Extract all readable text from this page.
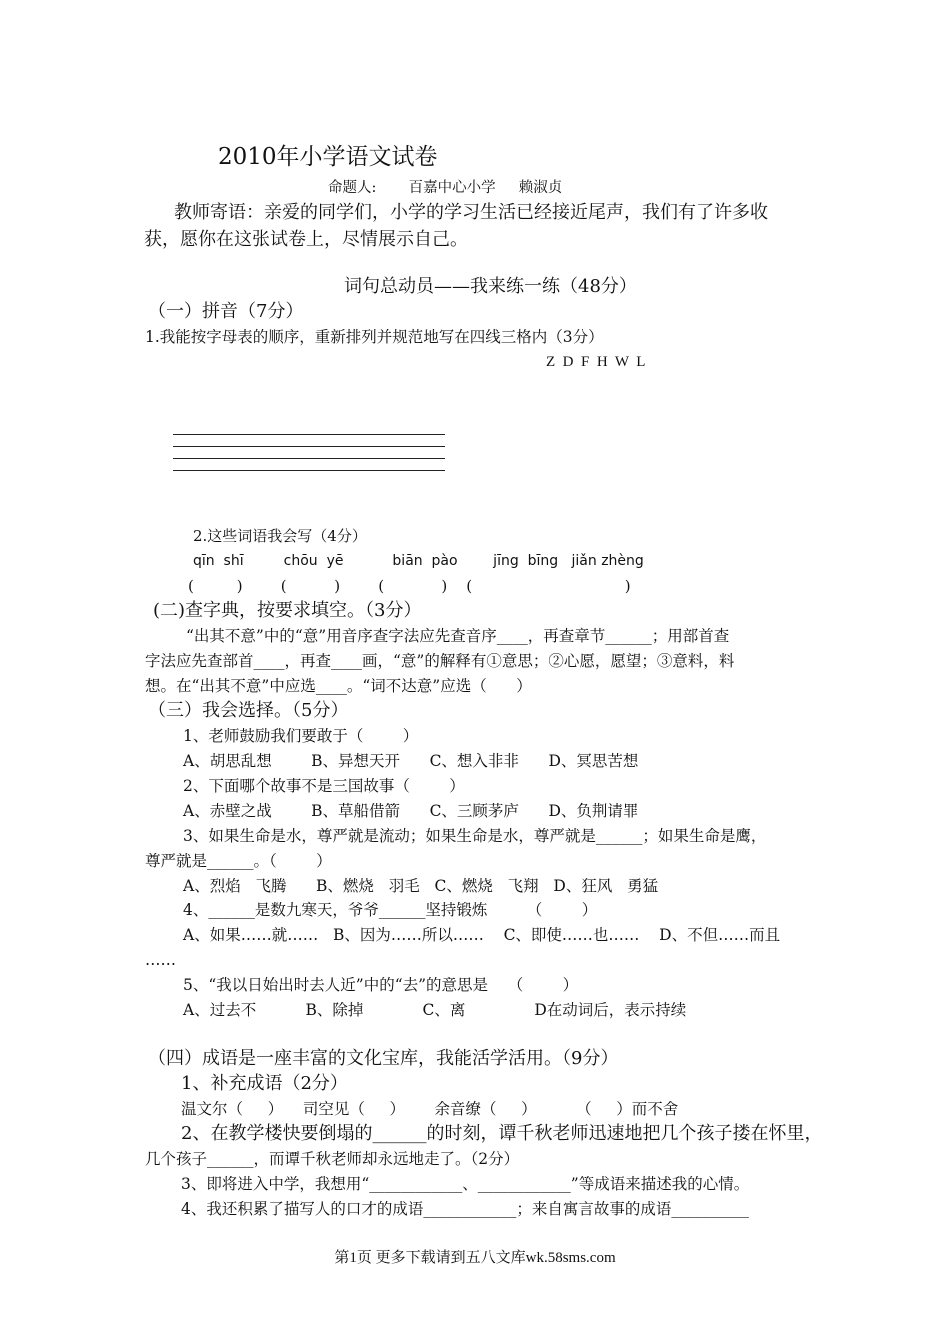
2010年小学语文试卷
命题人:       百嘉中心小学     赖淑贞
教师寄语：亲爱的同学们，小学的学习生活已经接近尾声，我们有了许多收
获，愿你在这张试卷上，尽情展示自己。
词句总动员——我来练一练（48分）
（一）拼音（7分）
1.我能按字母表的顺序，重新排列并规范地写在四线三格内（3分）
Z  D  F  H  W  L
2.这些词语我会写（4分）
qīn  shī         chōu  yē           biān  pào        jīng  bīng   jiǎn zhèng
(         )        (          )        (            )    (                                )
(二)查字典，按要求填空。（3分）
“出其不意”中的“意”用音序查字法应先查音序____，再查章节______；用部首查
字法应先查部首____，再查____画，“意”的解释有①意思；②心愿，愿望；③意料，料
想。在“出其不意”中应选____。“词不达意”应选（      ）
（三）我会选择。（5分）
1、老师鼓励我们要敢于（        ）
A、胡思乱想        B、异想天开      C、想入非非      D、冥思苦想
2、下面哪个故事不是三国故事（        ）
A、赤壁之战        B、草船借箭      C、三顾茅庐      D、负荆请罪
3、如果生命是水，尊严就是流动；如果生命是水，尊严就是______；如果生命是鹰，
尊严就是______。（        ）
A、烈焰   飞腾      B、燃烧   羽毛   C、燃烧   飞翔   D、狂风   勇猛
4、______是数九寒天，爷爷______坚持锻炼        （        ）
A、如果……就……   B、因为……所以……    C、即使……也……    D、不但……而且
……
5、“我以日始出时去人近”中的“去”的意思是    （        ）
A、过去不          B、除掉            C、离              D在动词后，表示持续
（四）成语是一座丰富的文化宝库，我能活学活用。（9分）
1、补充成语（2分）
温文尔（     ）    司空见（     ）      余音缭（     ）        （     ）而不舍
2、在教学楼快要倒塌的______的时刻，谭千秋老师迅速地把几个孩子搂在怀里，
几个孩子______，而谭千秋老师却永远地走了。（2分）
3、即将进入中学，我想用“____________、____________”等成语来描述我的心情。
4、我还积累了描写人的口才的成语____________；来自寓言故事的成语__________
第1页 更多下载请到五八文库wk.58sms.com
